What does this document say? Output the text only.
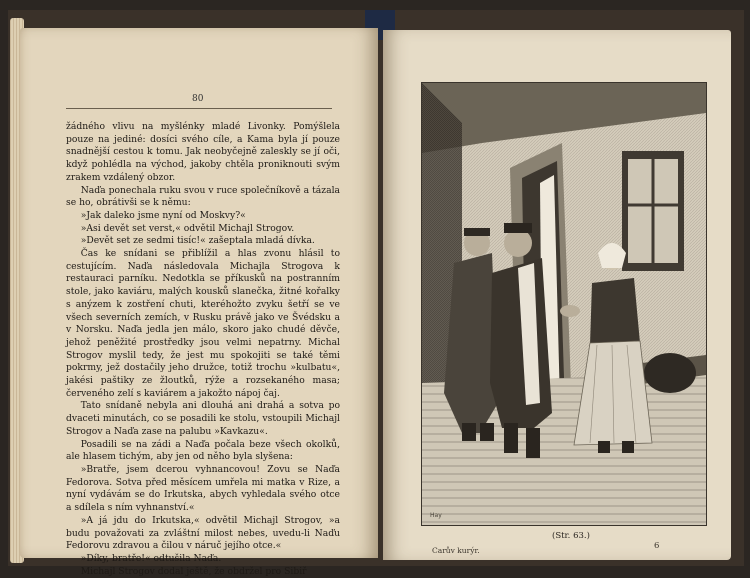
80

žádného vlivu na myšlénky mladé Livonky. Pomýšlela pouze na jediné: dosíci svého cíle, a Kama byla jí pouze snadnější cestou k tomu. Jak neobyčejně zaleskly se jí oči, když pohlédla na východ, jakoby chtěla proniknouti svým zrakem vzdálený obzor.

Naďa ponechala ruku svou v ruce společníkově a tázala se ho, obrátivši se k němu:

»Jak daleko jsme nyní od Moskvy?«

»Asi devět set verst,« odvětil Michajl Strogov.

»Devět set ze sedmi tisíc!« zašeptala mladá dívka.

Čas ke snídani se přiblížil a hlas zvonu hlásil to cestujícím. Naďa následovala Michajla Strogova k restauraci parníku. Nedotkla se příkusků na postranním stole, jako kaviáru, malých kousků slanečka, žitné kořalky s anýzem k zostření chuti, kteréhožto zvyku šetří se ve všech severních zemích, v Rusku právě jako ve Švédsku a v Norsku. Naďa jedla jen málo, skoro jako chudé děvče, jehož peněžité prostředky jsou velmi nepatrny. Michal Strogov myslil tedy, že jest mu spokojiti se také těmi pokrmy, jež dostačily jeho družce, totiž trochu »kulbatu«, jakési paštiky ze žloutků, rýže a rozsekaného masa; červeného zelí s kaviárem a jakožto nápoj čaj.

Tato snídaně nebyla ani dlouhá ani drahá a sotva po dvaceti minutách, co se posadili ke stolu, vstoupili Michajl Strogov a Naďa zase na palubu »Kavkazu«.

Posadili se na zádi a Naďa počala beze všech okolků, ale hlasem tichým, aby jen od něho byla slyšena:

»Bratře, jsem dcerou vyhnancovou! Zovu se Naďa Fedorova. Sotva před měsícem umřela mi matka v Rize, a nyní vydávám se do Irkutska, abych vyhledala svého otce a sdílela s ním vyhnanství.«

»A já jdu do Irkutska,« odvětil Michajl Strogov, »a budu považovati za zvláštní milost nebes, uvedu-li Naďu Fedorovu zdravou a čilou v náruč jejího otce.«

»Díky, bratře!« odtušila Naďa.

Michajl Strogov dodal ještě, že obdržel pro Sibiř

Hay
(Str. 63.)
Carův kurýr.	6
